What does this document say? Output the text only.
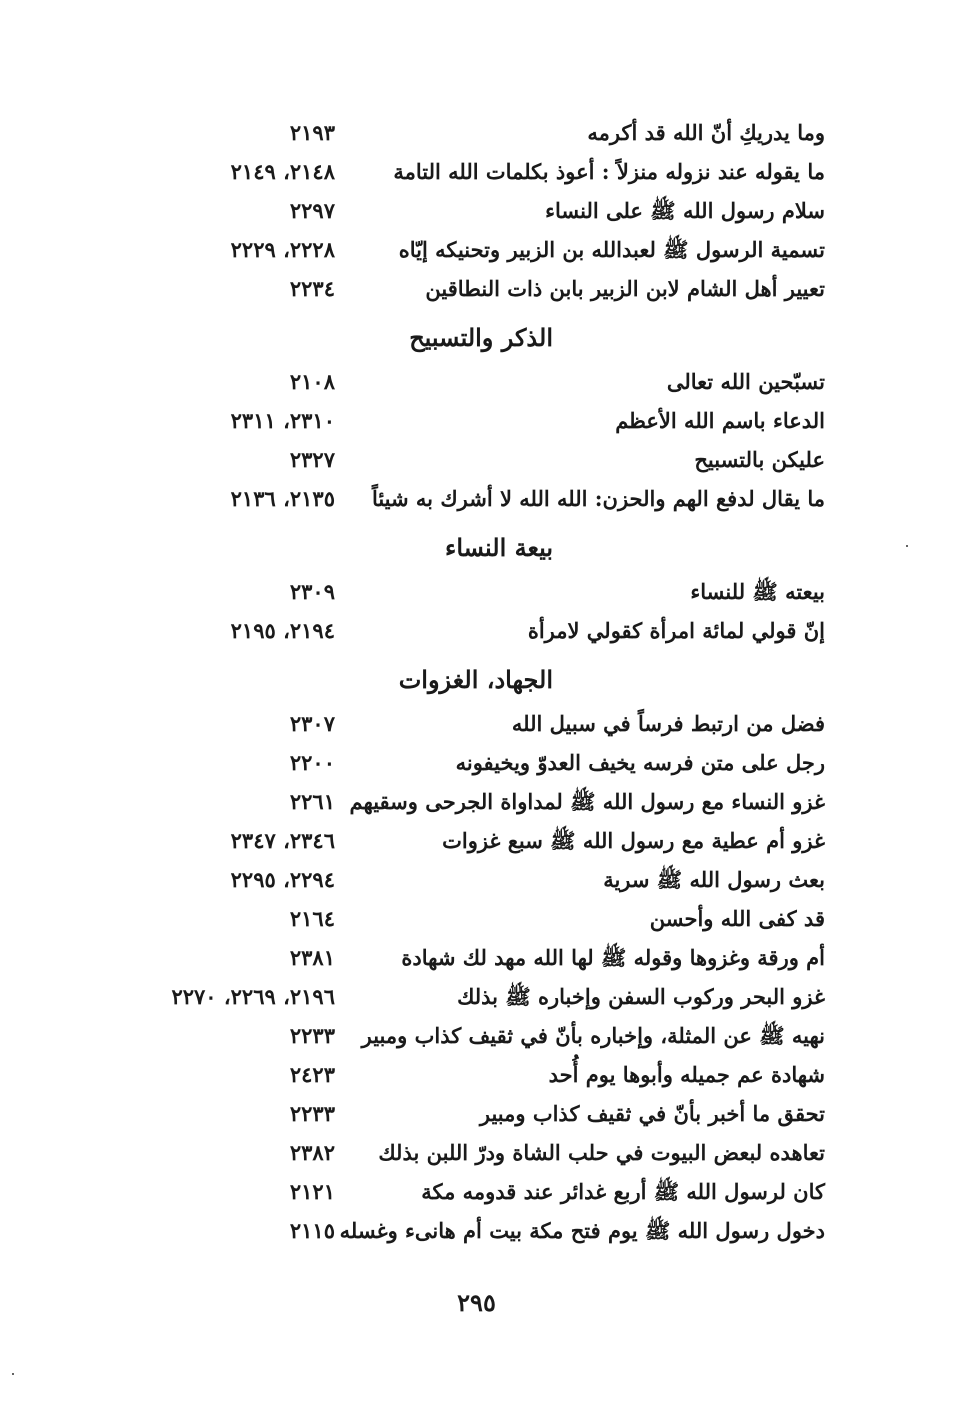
وما يدريكِ أنّ الله قد أكرمه
٢١٩٣
ما يقوله عند نزوله منزلاً : أعوذ بكلمات الله التامة
٢١٤٨، ٢١٤٩
سلام رسول الله ﷺ على النساء
٢٢٩٧
تسمية الرسول ﷺ لعبدالله بن الزبير وتحنيكه إيّاه
٢٢٢٨، ٢٢٢٩
تعيير أهل الشام لابن الزبير بابن ذات النطاقين
٢٢٣٤
الذكر والتسبيح
تسبّحين الله تعالى
٢١٠٨
الدعاء باسم الله الأعظم
٢٣١٠، ٢٣١١
عليكن بالتسبيح
٢٣٢٧
ما يقال لدفع الهم والحزن: الله الله لا أشرك به شيئاً
٢١٣٥، ٢١٣٦
بيعة النساء
بيعته ﷺ للنساء
٢٣٠٩
إنّ قولي لمائة امرأة كقولي لامرأة
٢١٩٤، ٢١٩٥
الجهاد، الغزوات
فضل من ارتبط فرساً في سبيل الله
٢٣٠٧
رجل على متن فرسه يخيف العدوّ ويخيفونه
٢٢٠٠
غزو النساء مع رسول الله ﷺ لمداواة الجرحى وسقيهم
٢٢٦١
غزو أم عطية مع رسول الله ﷺ سبع غزوات
٢٣٤٦، ٢٣٤٧
بعث رسول الله ﷺ سرية
٢٢٩٤، ٢٢٩٥
قد كفى الله وأحسن
٢١٦٤
أم ورقة وغزوها وقوله ﷺ لها الله مهد لك شهادة
٢٣٨١
غزو البحر وركوب السفن وإخباره ﷺ بذلك
٢١٩٦، ٢٢٦٩، ٢٢٧٠
نهيه ﷺ عن المثلة، وإخباره بأنّ في ثقيف كذاب ومبير
٢٢٣٣
شهادة عم جميله وأبوها يوم أُحد
٢٤٢٣
تحقق ما أخبر بأنّ في ثقيف كذاب ومبير
٢٢٣٣
تعاهده لبعض البيوت في حلب الشاة ودرّ اللبن بذلك
٢٣٨٢
كان لرسول الله ﷺ أربع غدائر عند قدومه مكة
٢١٢١
دخول رسول الله ﷺ يوم فتح مكة بيت أم هانىء وغسله
٢١١٥
٢٩٥
